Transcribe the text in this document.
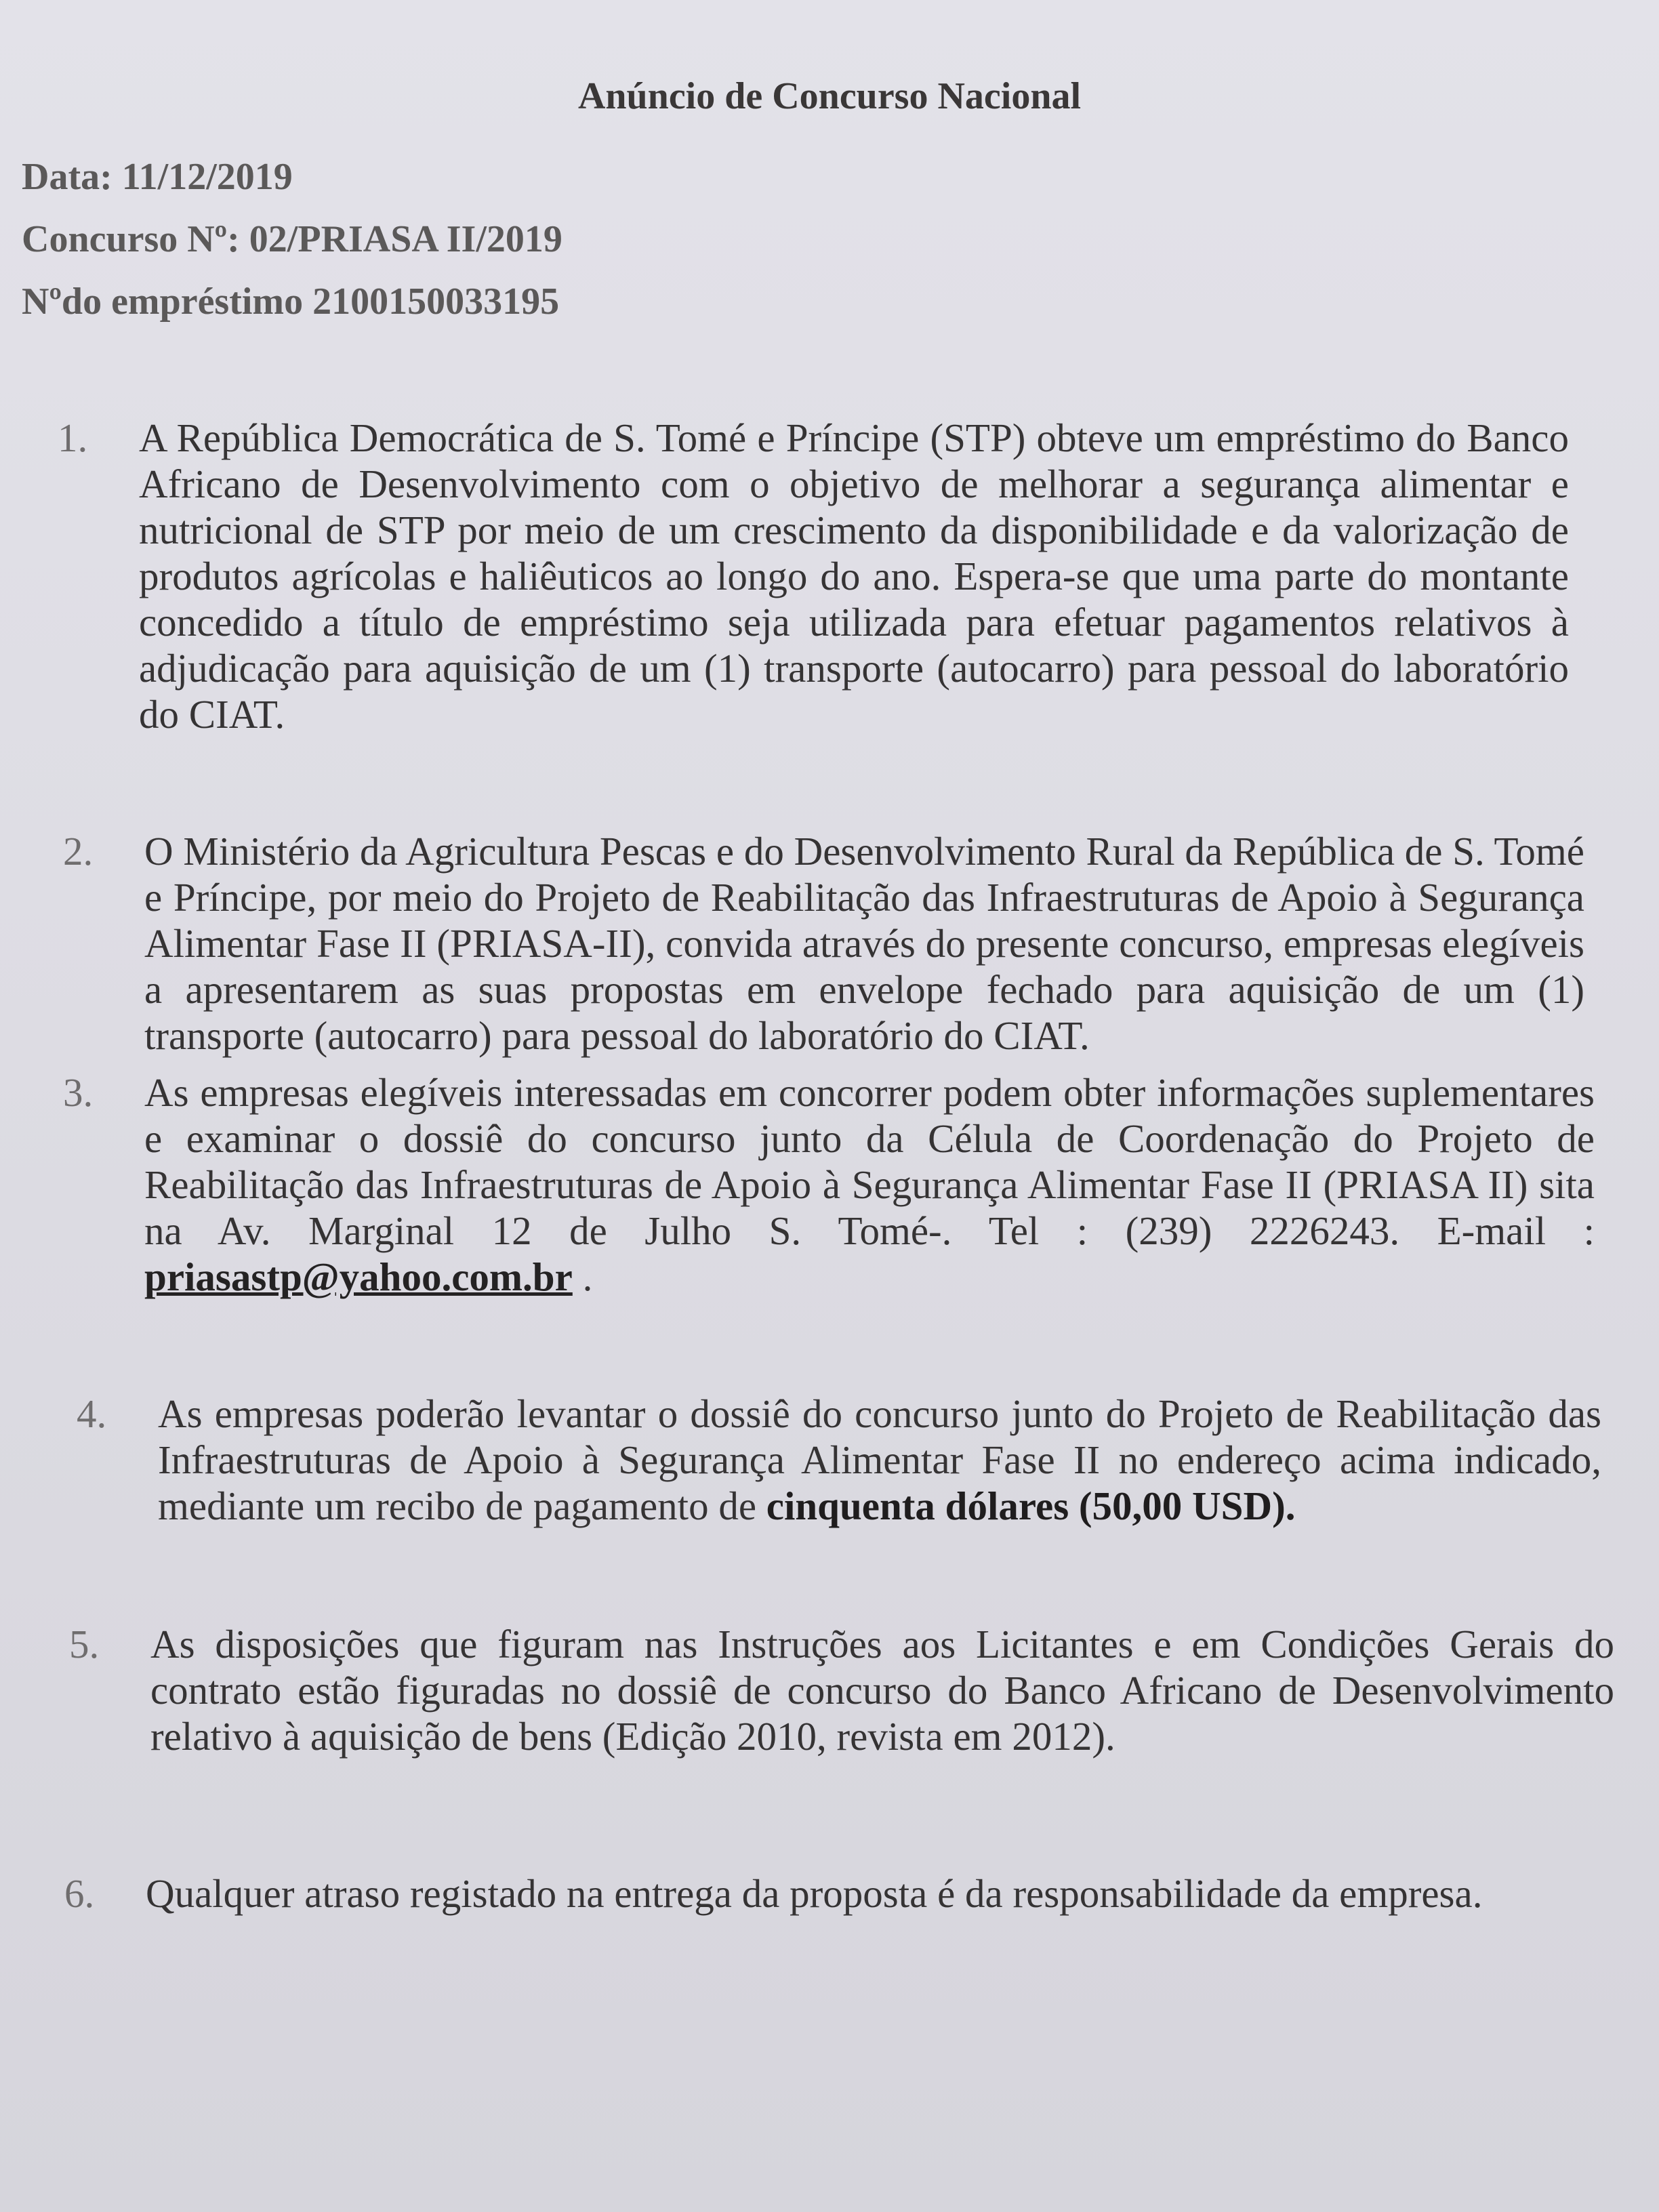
Anúncio de Concurso Nacional
Data: 11/12/2019
Concurso Nº: 02/PRIASA II/2019
Nºdo empréstimo 2100150033195
1. A República Democrática de S. Tomé e Príncipe (STP) obteve um empréstimo do Banco Africano de Desenvolvimento com o objetivo de melhorar a segurança alimentar e nutricional de STP por meio de um crescimento da disponibilidade e da valorização de produtos agrícolas e haliêuticos ao longo do ano. Espera-se que uma parte do montante concedido a título de empréstimo seja utilizada para efetuar pagamentos relativos à adjudicação para aquisição de um (1) transporte (autocarro) para pessoal do laboratório do CIAT.
2. O Ministério da Agricultura Pescas e do Desenvolvimento Rural da República de S. Tomé e Príncipe, por meio do Projeto de Reabilitação das Infraestruturas de Apoio à Segurança Alimentar Fase II (PRIASA-II), convida através do presente concurso, empresas elegíveis a apresentarem as suas propostas em envelope fechado para aquisição de um (1) transporte (autocarro) para pessoal do laboratório do CIAT.
3. As empresas elegíveis interessadas em concorrer podem obter informações suplementares e examinar o dossiê do concurso junto da Célula de Coordenação do Projeto de Reabilitação das Infraestruturas de Apoio à Segurança Alimentar Fase II (PRIASA II) sita na Av. Marginal 12 de Julho S. Tomé-. Tel : (239) 2226243. E-mail : priasastp@yahoo.com.br .
4. As empresas poderão levantar o dossiê do concurso junto do Projeto de Reabilitação das Infraestruturas de Apoio à Segurança Alimentar Fase II no endereço acima indicado, mediante um recibo de pagamento de cinquenta dólares (50,00 USD).
5. As disposições que figuram nas Instruções aos Licitantes e em Condições Gerais do contrato estão figuradas no dossiê de concurso do Banco Africano de Desenvolvimento relativo à aquisição de bens (Edição 2010, revista em 2012).
6. Qualquer atraso registado na entrega da proposta é da responsabilidade da empresa.
